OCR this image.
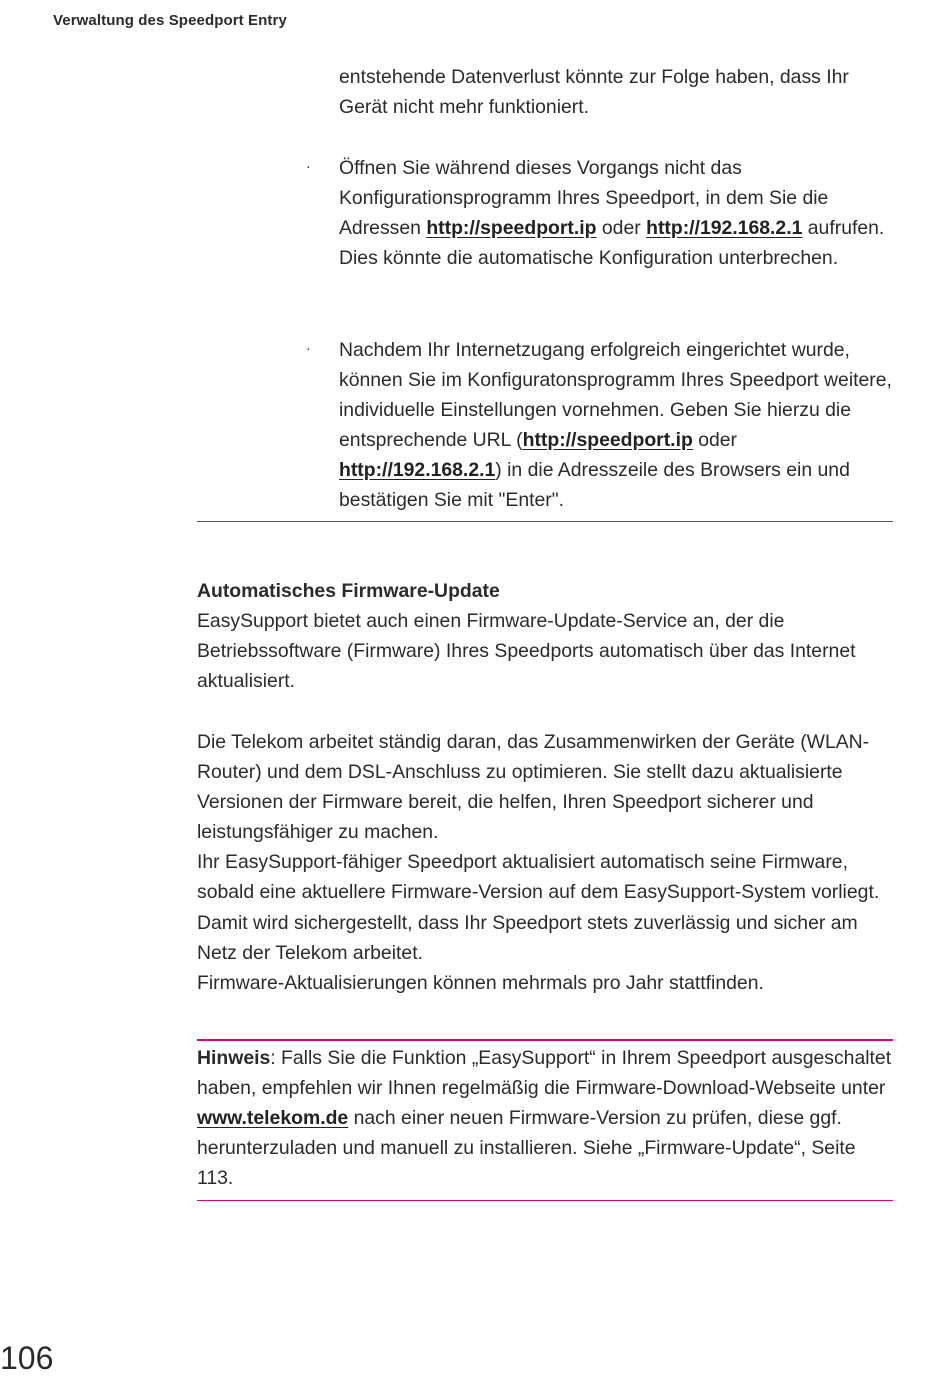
Verwaltung des Speedport Entry

entstehende Datenverlust könnte zur Folge haben, dass Ihr Gerät nicht mehr funktioniert.

· Öffnen Sie während dieses Vorgangs nicht das Konfigurationsprogramm Ihres Speedport, in dem Sie die Adressen http://speedport.ip oder http://192.168.2.1 aufrufen. Dies könnte die automatische Konfiguration unterbrechen.

· Nachdem Ihr Internetzugang erfolgreich eingerichtet wurde, können Sie im Konfiguratonsprogramm Ihres Speedport weitere, individuelle Einstellungen vornehmen. Geben Sie hierzu die entsprechende URL (http://speedport.ip oder http://192.168.2.1) in die Adresszeile des Browsers ein und bestätigen Sie mit "Enter".

Automatisches Firmware-Update

EasySupport bietet auch einen Firmware-Update-Service an, der die Betriebssoftware (Firmware) Ihres Speedports automatisch über das Internet aktualisiert.

Die Telekom arbeitet ständig daran, das Zusammenwirken der Geräte (WLAN-Router) und dem DSL-Anschluss zu optimieren. Sie stellt dazu aktualisierte Versionen der Firmware bereit, die helfen, Ihren Speedport sicherer und leistungsfähiger zu machen.
Ihr EasySupport-fähiger Speedport aktualisiert automatisch seine Firmware, sobald eine aktuellere Firmware-Version auf dem EasySupport-System vorliegt. Damit wird sichergestellt, dass Ihr Speedport stets zuverlässig und sicher am Netz der Telekom arbeitet.
Firmware-Aktualisierungen können mehrmals pro Jahr stattfinden.

Hinweis: Falls Sie die Funktion „EasySupport“ in Ihrem Speedport ausgeschaltet haben, empfehlen wir Ihnen regelmäßig die Firmware-Download-Webseite unter www.telekom.de nach einer neuen Firmware-Version zu prüfen, diese ggf. herunterzuladen und manuell zu installieren. Siehe „Firmware-Update“, Seite 113.

106
